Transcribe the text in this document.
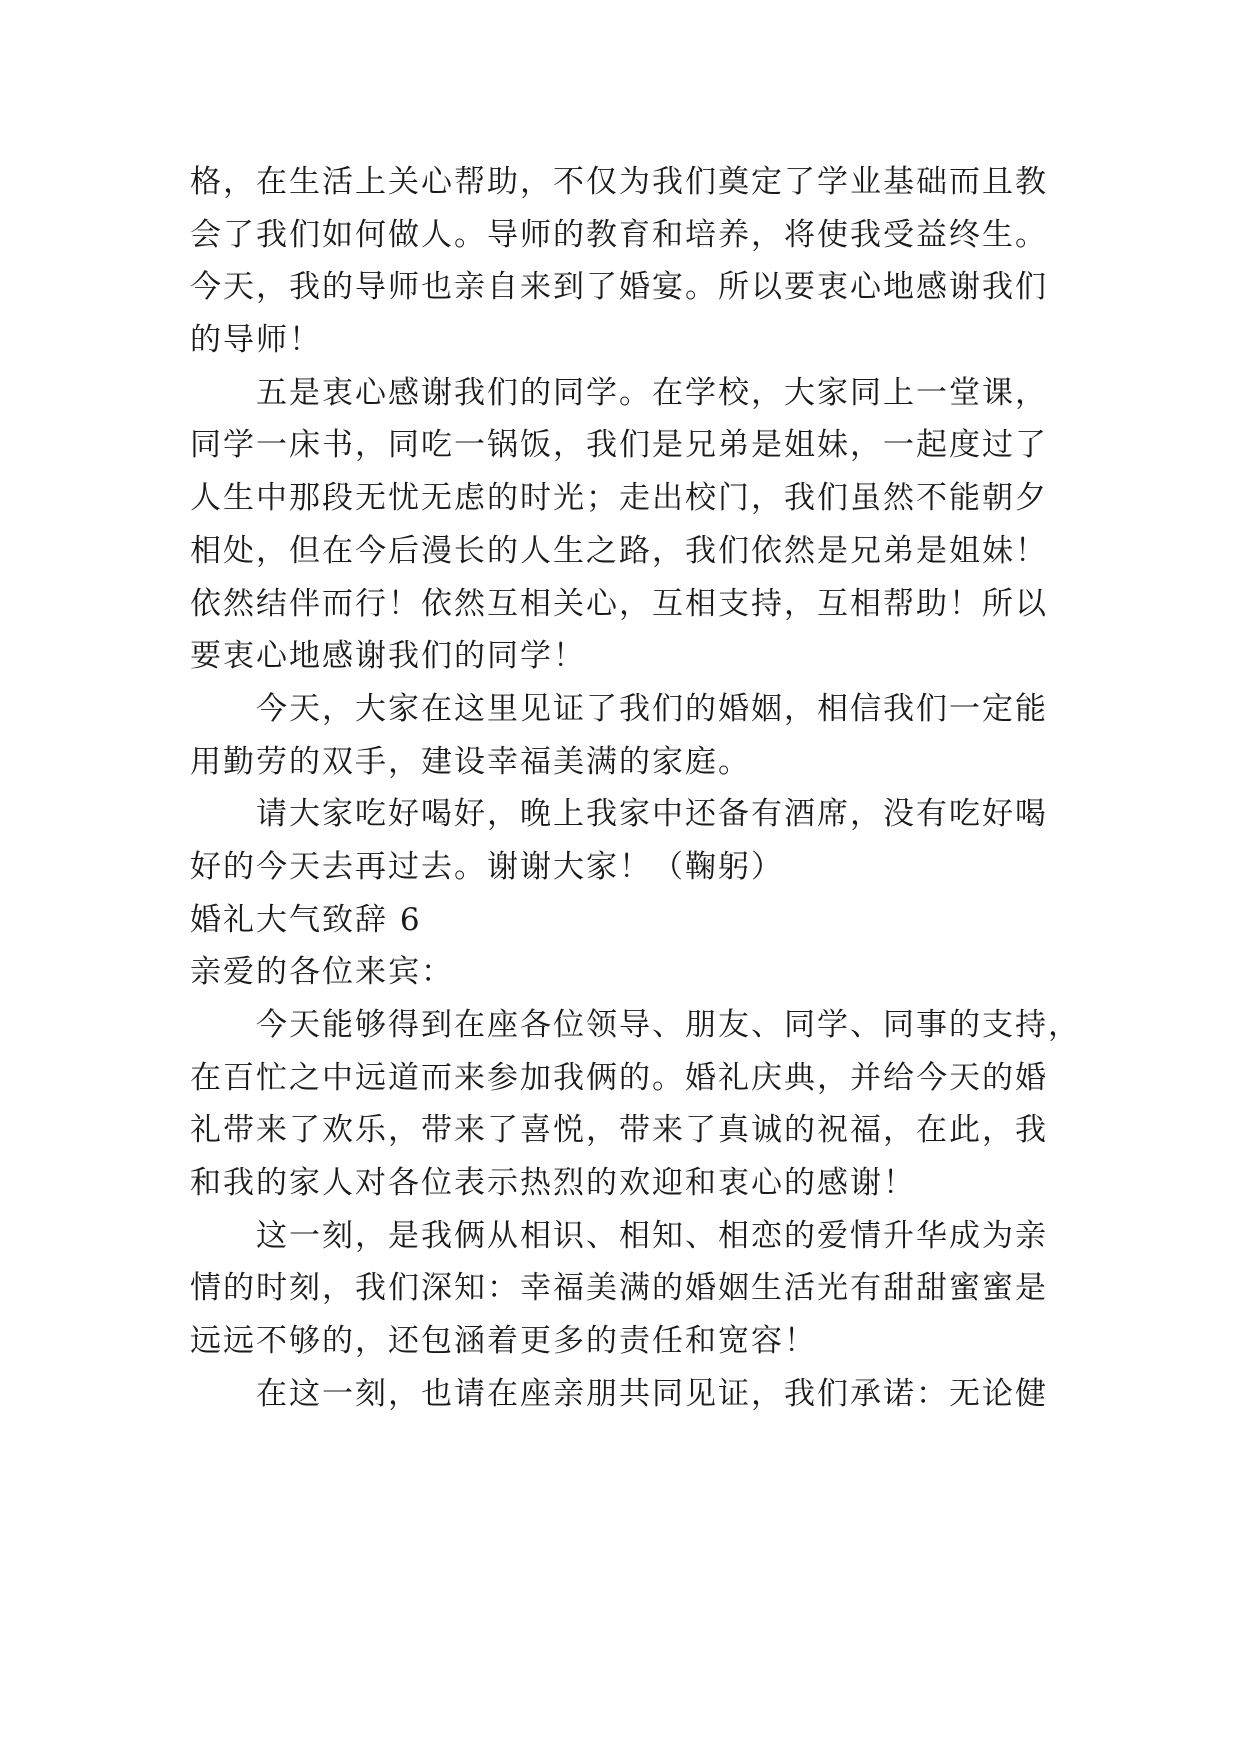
格，在生活上关心帮助，不仅为我们奠定了学业基础而且教
会了我们如何做人。导师的教育和培养，将使我受益终生。
今天，我的导师也亲自来到了婚宴。所以要衷心地感谢我们
的导师！
五是衷心感谢我们的同学。在学校，大家同上一堂课，
同学一床书，同吃一锅饭，我们是兄弟是姐妹，一起度过了
人生中那段无忧无虑的时光；走出校门，我们虽然不能朝夕
相处，但在今后漫长的人生之路，我们依然是兄弟是姐妹！
依然结伴而行！依然互相关心，互相支持，互相帮助！所以
要衷心地感谢我们的同学！
今天，大家在这里见证了我们的婚姻，相信我们一定能
用勤劳的双手，建设幸福美满的家庭。
请大家吃好喝好，晚上我家中还备有酒席，没有吃好喝
好的今天去再过去。谢谢大家！（鞠躬）
婚礼大气致辞 6
亲爱的各位来宾：
今天能够得到在座各位领导、朋友、同学、同事的支持，
在百忙之中远道而来参加我俩的。婚礼庆典，并给今天的婚
礼带来了欢乐，带来了喜悦，带来了真诚的祝福，在此，我
和我的家人对各位表示热烈的欢迎和衷心的感谢！
这一刻，是我俩从相识、相知、相恋的爱情升华成为亲
情的时刻，我们深知：幸福美满的婚姻生活光有甜甜蜜蜜是
远远不够的，还包涵着更多的责任和宽容！
在这一刻，也请在座亲朋共同见证，我们承诺：无论健
